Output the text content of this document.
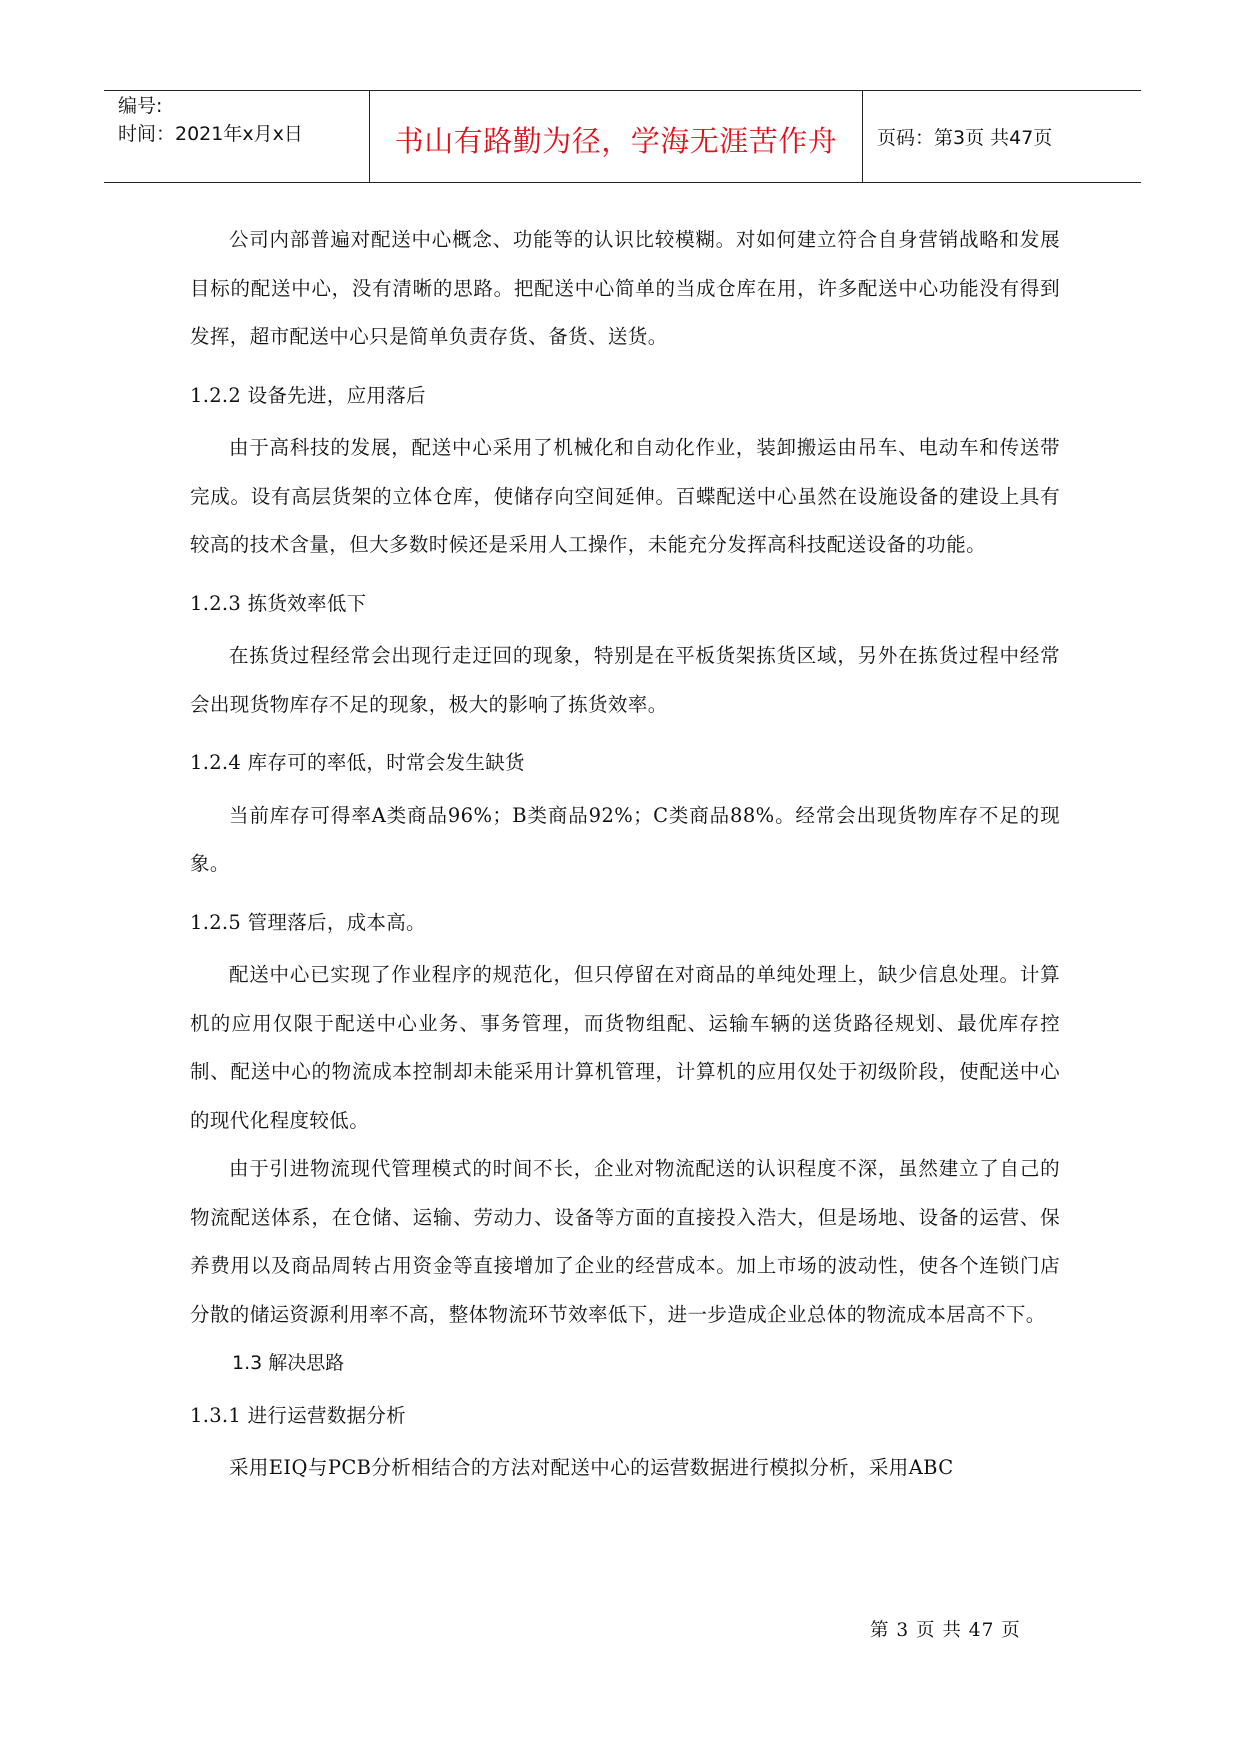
编号:
时间：2021年x月x日	书山有路勤为径，学海无涯苦作舟	页码：第3页 共47页

公司内部普遍对配送中心概念、功能等的认识比较模糊。对如何建立符合自身营销战略和发展目标的配送中心，没有清晰的思路。把配送中心简单的当成仓库在用，许多配送中心功能没有得到发挥，超市配送中心只是简单负责存货、备货、送货。

1.2.2 设备先进，应用落后

由于高科技的发展，配送中心采用了机械化和自动化作业，装卸搬运由吊车、电动车和传送带完成。设有高层货架的立体仓库，使储存向空间延伸。百蝶配送中心虽然在设施设备的建设上具有较高的技术含量，但大多数时候还是采用人工操作，未能充分发挥高科技配送设备的功能。

1.2.3 拣货效率低下

在拣货过程经常会出现行走迂回的现象，特别是在平板货架拣货区域，另外在拣货过程中经常会出现货物库存不足的现象，极大的影响了拣货效率。

1.2.4 库存可的率低，时常会发生缺货

当前库存可得率A类商品96%；B类商品92%；C类商品88%。经常会出现货物库存不足的现象。

1.2.5 管理落后，成本高。

配送中心已实现了作业程序的规范化，但只停留在对商品的单纯处理上，缺少信息处理。计算机的应用仅限于配送中心业务、事务管理，而货物组配、运输车辆的送货路径规划、最优库存控制、配送中心的物流成本控制却未能采用计算机管理，计算机的应用仅处于初级阶段，使配送中心的现代化程度较低。

由于引进物流现代管理模式的时间不长，企业对物流配送的认识程度不深，虽然建立了自己的物流配送体系，在仓储、运输、劳动力、设备等方面的直接投入浩大，但是场地、设备的运营、保养费用以及商品周转占用资金等直接增加了企业的经营成本。加上市场的波动性，使各个连锁门店分散的储运资源利用率不高，整体物流环节效率低下，进一步造成企业总体的物流成本居高不下。

1.3 解决思路

1.3.1 进行运营数据分析

采用EIQ与PCB分析相结合的方法对配送中心的运营数据进行模拟分析，采用ABC

第 3 页 共 47 页
